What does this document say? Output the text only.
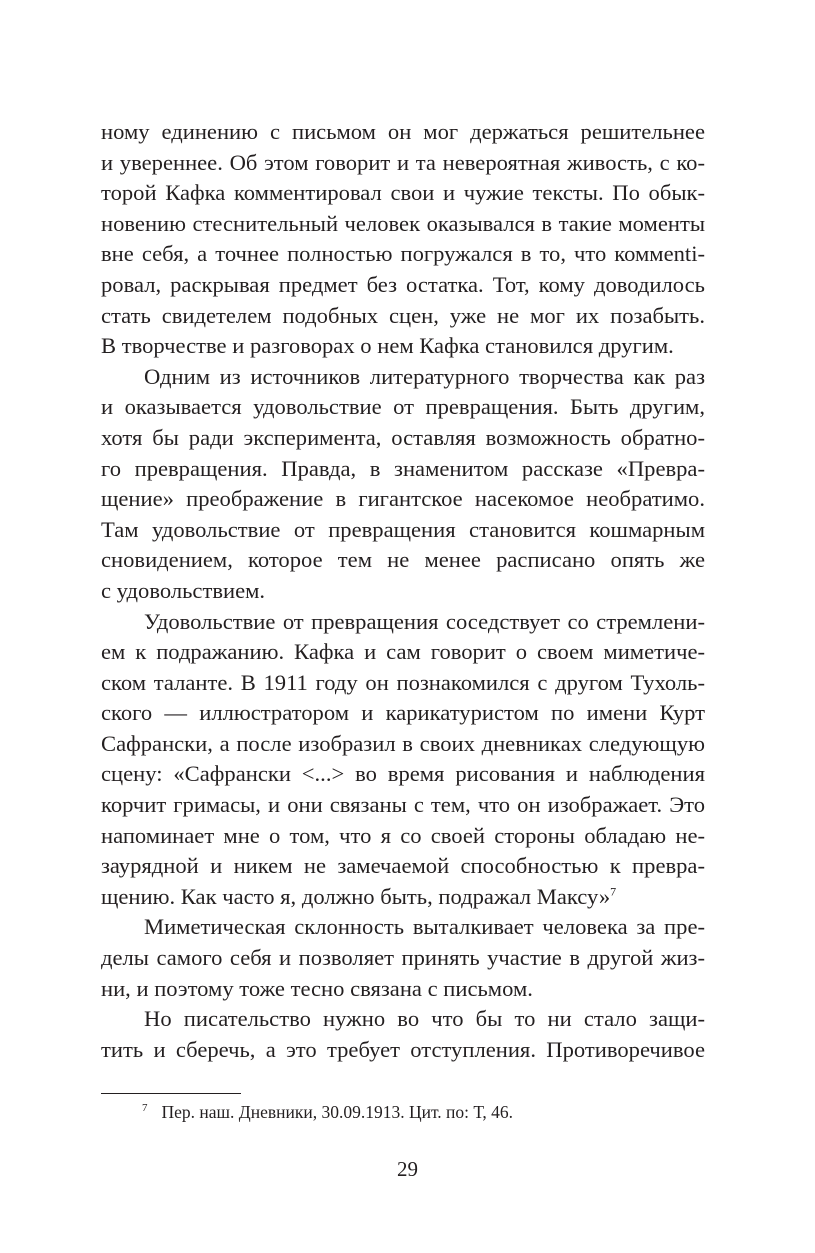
ному единению с письмом он мог держаться решительнее
и увереннее. Об этом говорит и та невероятная живость, с ко-
торой Кафка комментировал свои и чужие тексты. По обык-
новению стеснительный человек оказывался в такие моменты
вне себя, а точнее полностью погружался в то, что коммenti-
ровал, раскрывая предмет без остатка. Тот, кому доводилось
стать свидетелем подобных сцен, уже не мог их позабыть.
В творчестве и разговорах о нем Кафка становился другим.
Одним из источников литературного творчества как раз
и оказывается удовольствие от превращения. Быть другим,
хотя бы ради эксперимента, оставляя возможность обратно-
го превращения. Правда, в знаменитом рассказе «Превра-
щение» преображение в гигантское насекомое необратимо.
Там удовольствие от превращения становится кошмарным
сновидением, которое тем не менее расписано опять же
с удовольствием.
Удовольствие от превращения соседствует со стремлени-
ем к подражанию. Кафка и сам говорит о своем миметиче-
ском таланте. В 1911 году он познакомился с другом Тухоль-
ского — иллюстратором и карикатуристом по имени Курт
Сафрански, а после изобразил в своих дневниках следующую
сцену: «Сафрански <...> во время рисования и наблюдения
корчит гримасы, и они связаны с тем, что он изображает. Это
напоминает мне о том, что я со своей стороны обладаю не-
заурядной и никем не замечаемой способностью к превра-
щению. Как часто я, должно быть, подражал Максу»$^7$
Миметическая склонность выталкивает человека за пре-
делы самого себя и позволяет принять участие в другой жиз-
ни, и поэтому тоже тесно связана с письмом.
Но писательство нужно во что бы то ни стало защи-
тить и сберечь, а это требует отступления. Противоречивое
$^7$ Пер. наш. Дневники, 30.09.1913. Цит. по: Т, 46.
29
